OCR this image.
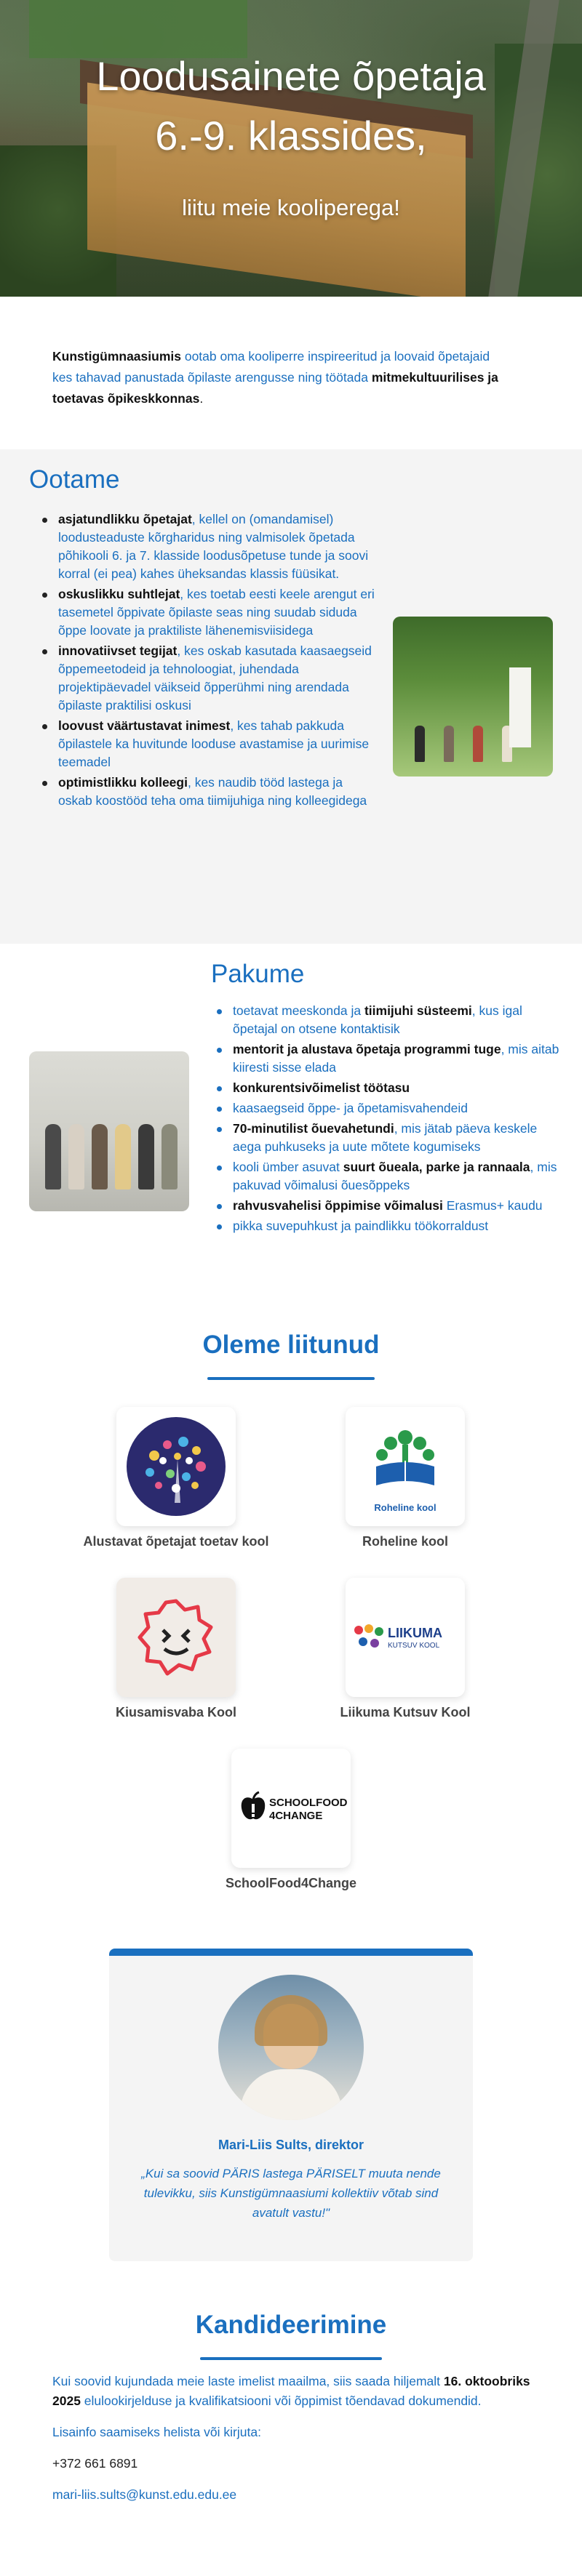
Loodusainete õpetaja
6.-9. klassides,
liitu meie kooliperega!

Kunstigümnaasiumis ootab oma kooliperre inspireeritud ja loovaid õpetajaid kes tahavad panustada õpilaste arengusse ning töötada mitmekultuurilises ja toetavas õpikeskkonnas.

Ootame
asjatundlikku õpetajat, kellel on (omandamisel) loodusteaduste kõrgharidus ning valmisolek õpetada põhikooli 6. ja 7. klasside loodusõpetuse tunde ja soovi korral (ei pea) kahes üheksandas klassis füüsikat.
oskuslikku suhtlejat, kes toetab eesti keele arengut eri tasemetel õppivate õpilaste seas ning suudab siduda õppe loovate ja praktiliste lähenemisviisidega
innovatiivset tegijat, kes oskab kasutada kaasaegseid õppemeetodeid ja tehnoloogiat, juhendada projektipäevadel väikseid õpperühmi ning arendada õpilaste praktilisi oskusi
loovust väärtustavat inimest, kes tahab pakkuda õpilastele ka huvitunde looduse avastamise ja uurimise teemadel
optimistlikku kolleegi, kes naudib tööd lastega ja oskab koostööd teha oma tiimijuhiga ning kolleegidega
Pakume
toetavat meeskonda ja tiimijuhi süsteemi, kus igal õpetajal on otsene kontaktisik
mentorit ja alustava õpetaja programmi tuge, mis aitab kiiresti sisse elada
konkurentsivõimelist töötasu
kaasaegseid õppe- ja õpetamisvahendeid
70-minutilist õuevahetundi, mis jätab päeva keskele aega puhkuseks ja uute mõtete kogumiseks
kooli ümber asuvat suurt õueala, parke ja rannaala, mis pakuvad võimalusi õuesõppeks
rahvusvahelisi õppimise võimalusi Erasmus+ kaudu
pikka suvepuhkust ja paindlikku töökorraldust
Oleme liitunud
Alustavat õpetajat toetav kool
Roheline kool
Roheline kool
Kiusamisvaba Kool
LIIKUMA
KUTSUV KOOL
Liikuma Kutsuv Kool
SCHOOLFOOD
4CHANGE
SchoolFood4Change
Mari-Liis Sults, direktor
„Kui sa soovid PÄRIS lastega PÄRISELT muuta nende tulevikku, siis Kunstigümnaasiumi kollektiiv võtab sind avatult vastu!"
Kandideerimine

Kui soovid kujundada meie laste imelist maailma, siis saada hiljemalt 16. oktoobriks 2025 elulookirjelduse ja kvalifikatsiooni või õppimist tõendavad dokumendid.

Lisainfo saamiseks helista või kirjuta:

+372 661 6891

mari-liis.sults@kunst.edu.edu.ee
